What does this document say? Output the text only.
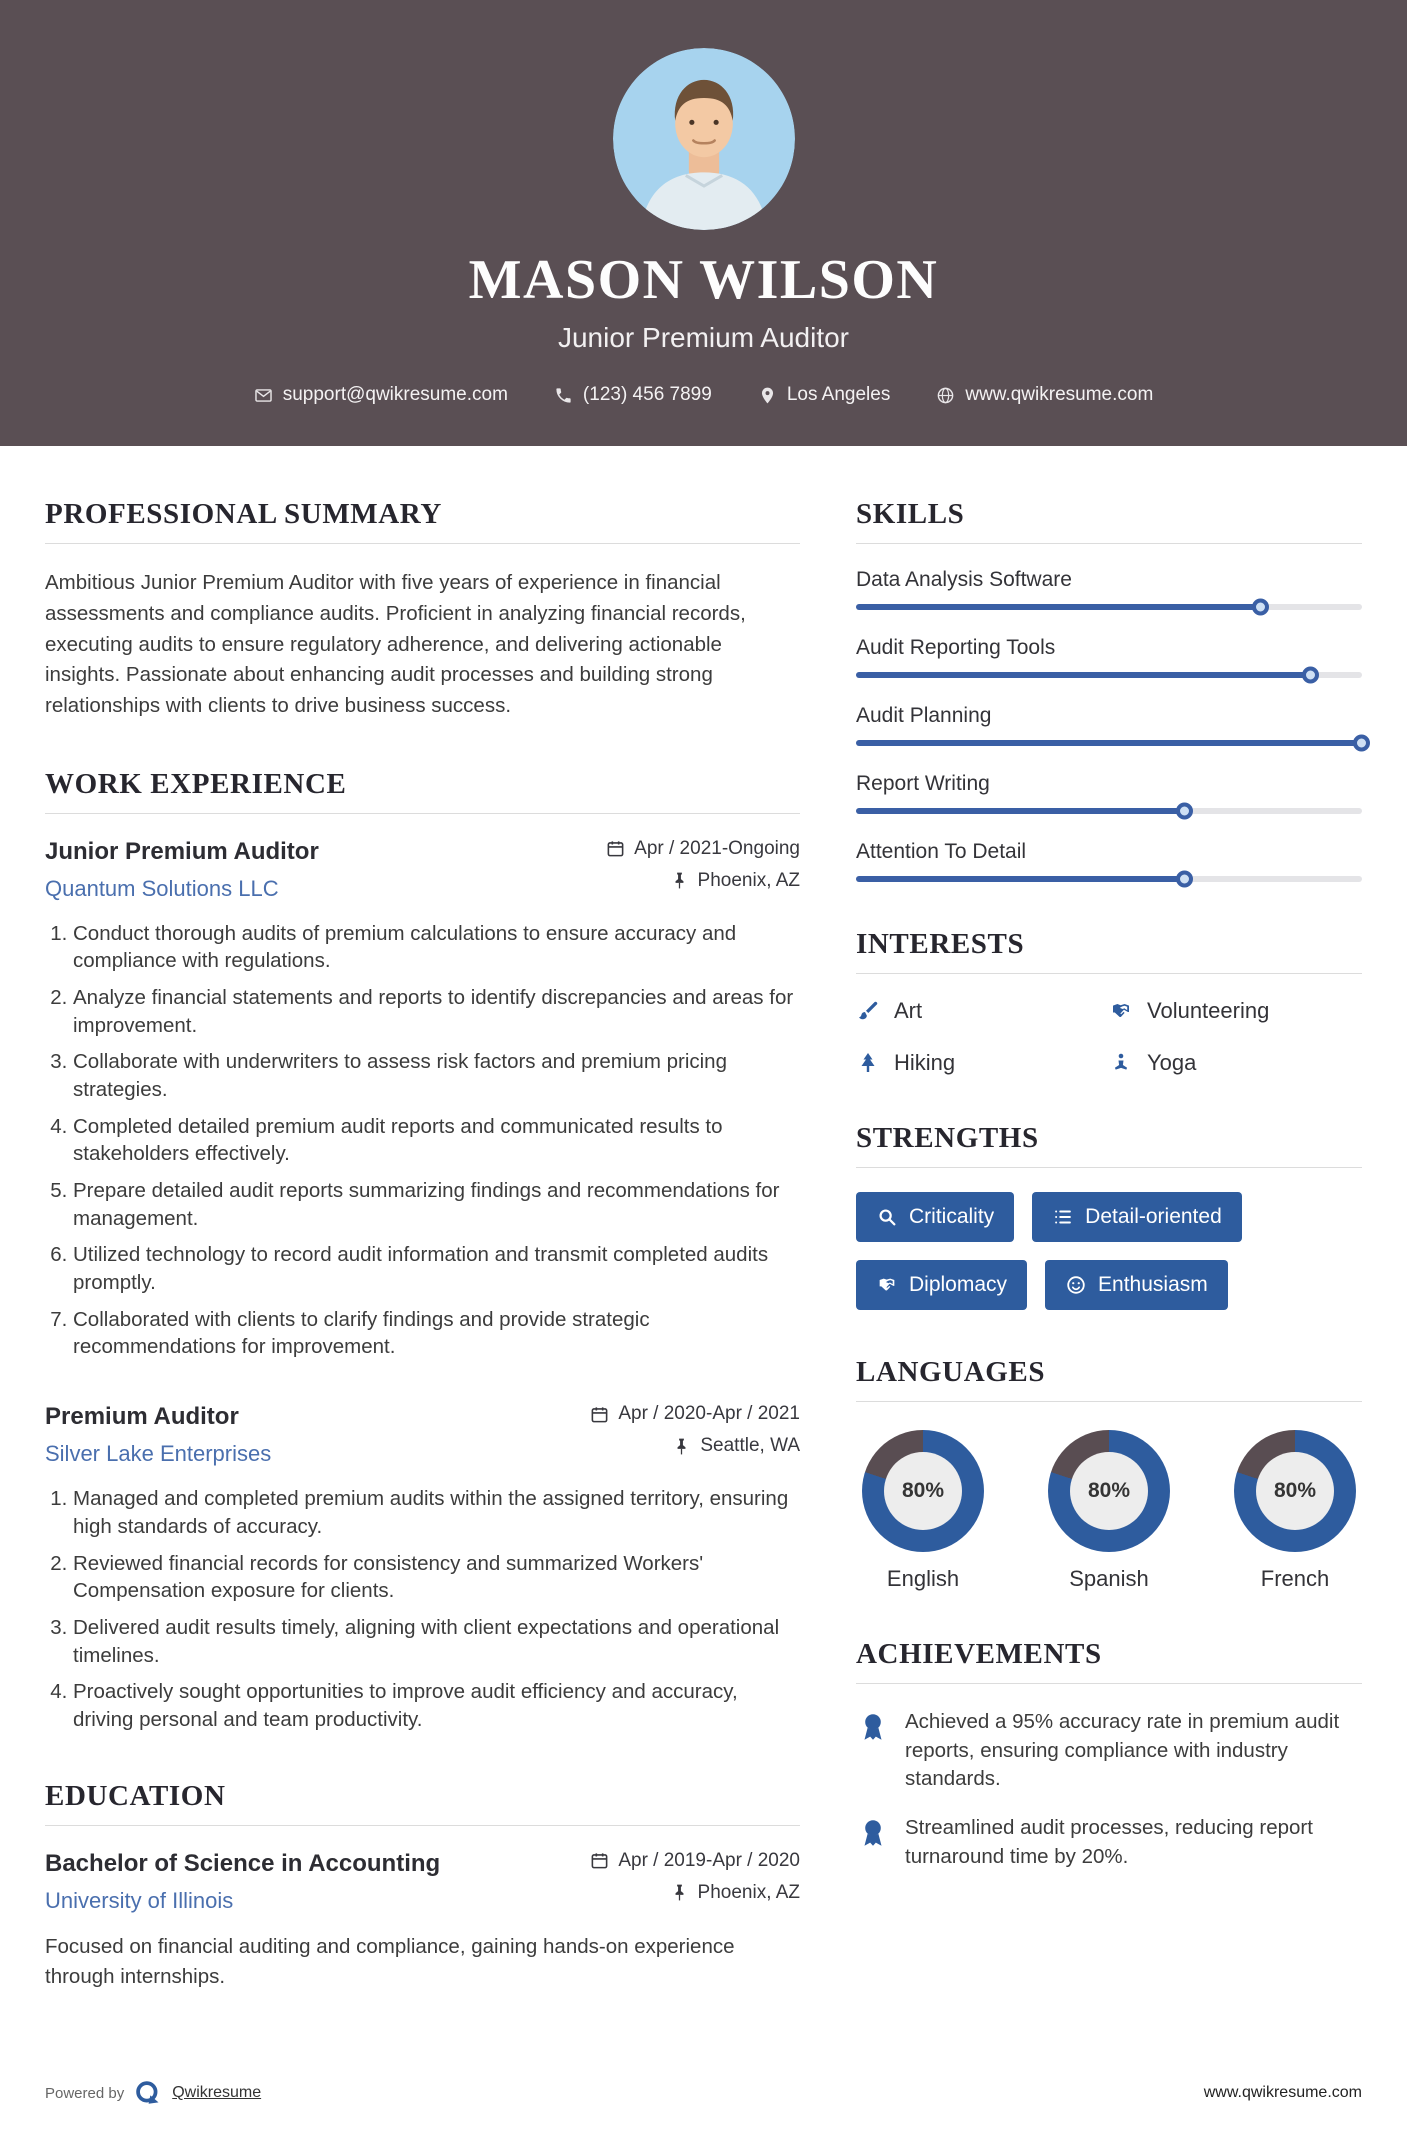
MASON WILSON
Junior Premium Auditor
support@qwikresume.com	(123) 456 7899	Los Angeles	www.qwikresume.com
PROFESSIONAL SUMMARY

Ambitious Junior Premium Auditor with five years of experience in financial assessments and compliance audits. Proficient in analyzing financial records, executing audits to ensure regulatory adherence, and delivering actionable insights. Passionate about enhancing audit processes and building strong relationships with clients to drive business success.

WORK EXPERIENCE
Junior Premium Auditor
Quantum Solutions LLC
Apr / 2021-Ongoing
Phoenix, AZ
1. Conduct thorough audits of premium calculations to ensure accuracy and compliance with regulations.
2. Analyze financial statements and reports to identify discrepancies and areas for improvement.
3. Collaborate with underwriters to assess risk factors and premium pricing strategies.
4. Completed detailed premium audit reports and communicated results to stakeholders effectively.
5. Prepare detailed audit reports summarizing findings and recommendations for management.
6. Utilized technology to record audit information and transmit completed audits promptly.
7. Collaborated with clients to clarify findings and provide strategic recommendations for improvement.
Premium Auditor
Silver Lake Enterprises
Apr / 2020-Apr / 2021
Seattle, WA
1. Managed and completed premium audits within the assigned territory, ensuring high standards of accuracy.
2. Reviewed financial records for consistency and summarized Workers' Compensation exposure for clients.
3. Delivered audit results timely, aligning with client expectations and operational timelines.
4. Proactively sought opportunities to improve audit efficiency and accuracy, driving personal and team productivity.
EDUCATION
Bachelor of Science in Accounting
University of Illinois
Apr / 2019-Apr / 2020
Phoenix, AZ

Focused on financial auditing and compliance, gaining hands-on experience through internships.

SKILLS
Data Analysis Software
Audit Reporting Tools
Audit Planning
Report Writing
Attention To Detail
INTERESTS
Art	Volunteering
Hiking	Yoga
STRENGTHS
Criticality	Detail-oriented
Diplomacy	Enthusiasm
LANGUAGES
80%
English
80%
Spanish
80%
French
ACHIEVEMENTS

Achieved a 95% accuracy rate in premium audit reports, ensuring compliance with industry standards.

Streamlined audit processes, reducing report turnaround time by 20%.

Powered by	Qwikresume	www.qwikresume.com
